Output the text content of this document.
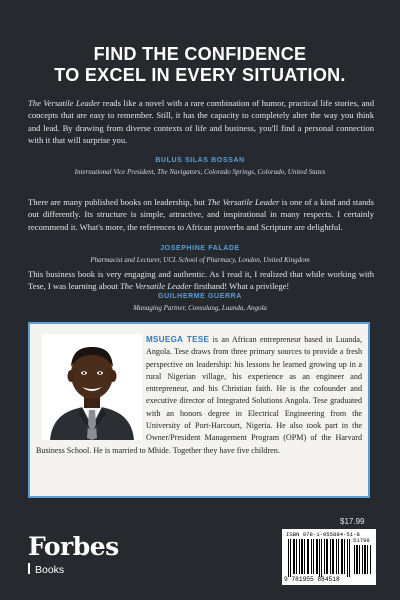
FIND THE CONFIDENCE
TO EXCEL IN EVERY SITUATION.
The Versatile Leader reads like a novel with a rare combination of humor, practical life stories, and concepts that are easy to remember. Still, it has the capacity to completely alter the way you think and lead. By drawing from diverse contexts of life and business, you'll find a personal connection with it that will surprise you.
BULUS SILAS BOSSAN
International Vice President, The Navigators, Colorado Springs, Colorado, United States
There are many published books on leadership, but The Versatile Leader is one of a kind and stands out differently. Its structure is simple, attractive, and inspirational in many respects. I certainly recommend it. What's more, the references to African proverbs and Scripture are delightful.
JOSEPHINE FALADE
Pharmacist and Lecturer, UCL School of Pharmacy, London, United Kingdom
This business book is very engaging and authentic. As I read it, I realized that while working with Tese, I was learning about The Versatile Leader firsthand! What a privilege!
GUILHERME GUERRA
Managing Partner, Consulang, Luanda, Angola
MSUEGA TESE is an African entrepreneur based in Luanda, Angola. Tese draws from three primary sources to provide a fresh perspective on leadership: his lessons he learned growing up in a rural Nigerian village, his experience as an engineer and entrepreneur, and his Christian faith. He is the cofounder and executive director of Integrated Solutions Angola. Tese graduated with an honors degree in Electrical Engineering from the University of Port-Harcourt, Nigeria. He also took part in the Owner/President Management Program (OPM) of the Harvard Business School. He is married to Mhide. Together they have five children.
$17.99
ISBN 978-1-955884-51-8
51799
9 781955 884518
Forbes
Books
